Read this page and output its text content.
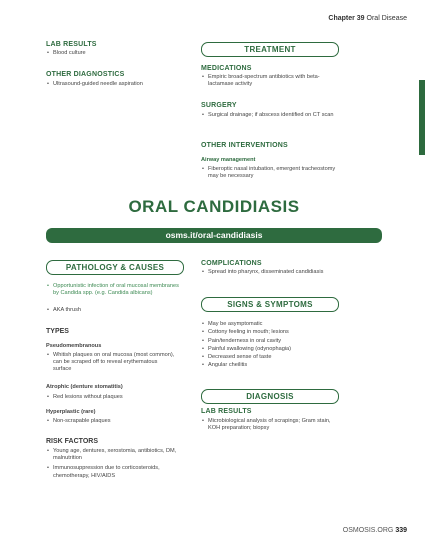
Chapter 39 Oral Disease
LAB RESULTS
• Blood culture
OTHER DIAGNOSTICS
• Ultrasound-guided needle aspiration
TREATMENT
MEDICATIONS
• Empiric broad-spectrum antibiotics with beta-lactamase activity
SURGERY
• Surgical drainage; if abscess identified on CT scan
OTHER INTERVENTIONS
Airway management
• Fiberoptic nasal intubation, emergent tracheostomy may be necessary
ORAL CANDIDIASIS
osms.it/oral-candidiasis
PATHOLOGY & CAUSES
• Opportunistic infection of oral mucosal membranes by Candida spp. (e.g. Candida albicans)
• AKA thrush
TYPES
Pseudomembranous
• Whitish plaques on oral mucosa (most common), can be scraped off to reveal erythematous surface
Atrophic (denture stomatitis)
• Red lesions without plaques
Hyperplastic (rare)
• Non-scrapable plaques
RISK FACTORS
• Young age, dentures, xerostomia, antibiotics, DM, malnutrition
• Immunosuppression due to corticosteroids, chemotherapy, HIV/AIDS
COMPLICATIONS
• Spread into pharynx, disseminated candidiasis
SIGNS & SYMPTOMS
• May be asymptomatic
• Cottony feeling in mouth; lesions
• Pain/tenderness in oral cavity
• Painful swallowing (odynophagia)
• Decreased sense of taste
• Angular cheilitis
DIAGNOSIS
LAB RESULTS
• Microbiological analysis of scrapings; Gram stain, KOH preparation; biopsy
OSMOSIS.ORG 339
